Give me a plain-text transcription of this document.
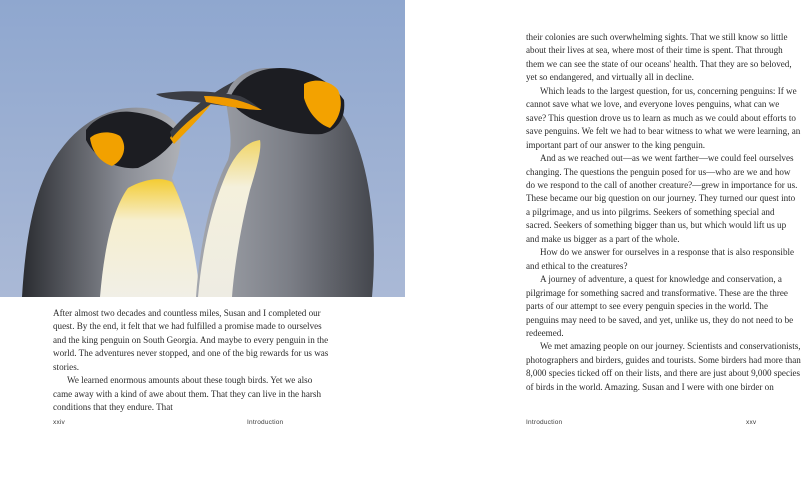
After almost two decades and countless miles, Susan and I completed our quest. By the end, it felt that we had fulfilled a promise made to ourselves and the king penguin on South Georgia. And maybe to every penguin in the world. The adventures never stopped, and one of the big rewards for us was stories.

We learned enormous amounts about these tough birds. Yet we also came away with a kind of awe about them. That they can live in the harsh conditions that they endure. That

xxiv	Introduction

their colonies are such overwhelming sights. That we still know so little about their lives at sea, where most of their time is spent. That through them we can see the state of our oceans' health. That they are so beloved, yet so endangered, and virtually all in decline.

Which leads to the largest question, for us, concerning penguins: If we cannot save what we love, and everyone loves penguins, what can we save? This question drove us to learn as much as we could about efforts to save penguins. We felt we had to bear witness to what we were learning, an important part of our answer to the king penguin.

And as we reached out—as we went farther—we could feel ourselves changing. The questions the penguin posed for us—who are we and how do we respond to the call of another creature?—grew in importance for us. These became our big question on our journey. They turned our quest into a pilgrimage, and us into pilgrims. Seekers of something special and sacred. Seekers of something bigger than us, but which would lift us up and make us bigger as a part of the whole.

How do we answer for ourselves in a response that is also responsible and ethical to the creatures?

A journey of adventure, a quest for knowledge and conservation, a pilgrimage for something sacred and transformative. These are the three parts of our attempt to see every penguin species in the world. The penguins may need to be saved, and yet, unlike us, they do not need to be redeemed.

We met amazing people on our journey. Scientists and conservationists, photographers and birders, guides and tourists. Some birders had more than 8,000 species ticked off on their lists, and there are just about 9,000 species of birds in the world. Amazing. Susan and I were with one birder on

Introduction	xxv
